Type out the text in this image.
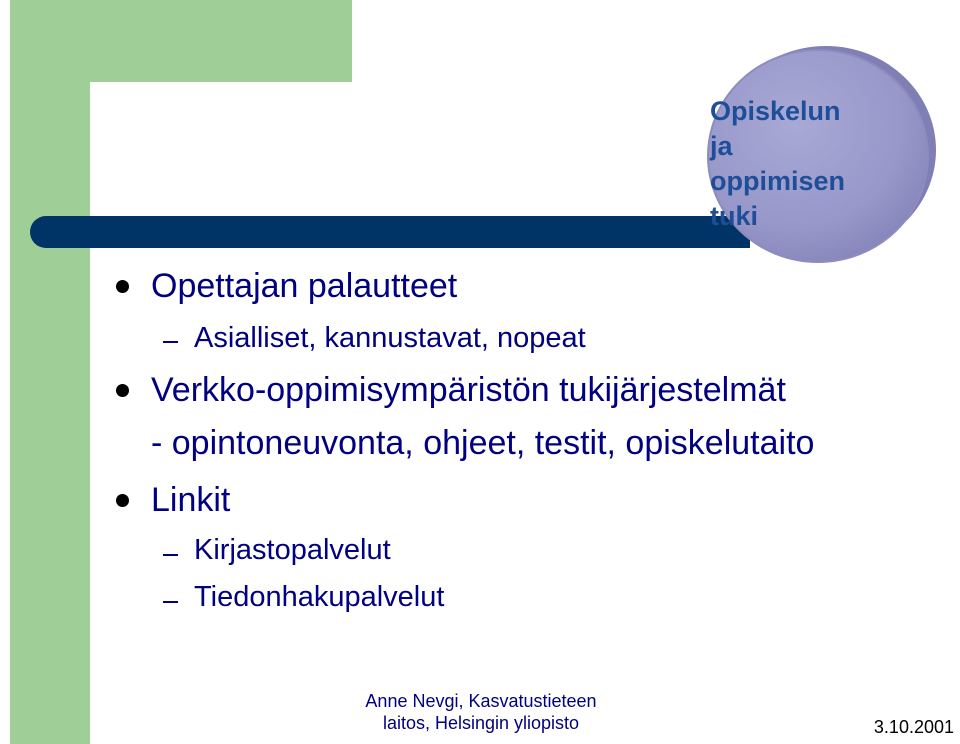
Opiskelun
ja
oppimisen
tuki

Opettajan palautteet
Asialliset, kannustavat, nopeat
Verkko-oppimisympäristön tukijärjestelmät
- opintoneuvonta, ohjeet, testit, opiskelutaito
Linkit
Kirjastopalvelut
Tiedonhakupalvelut
Anne Nevgi, Kasvatustieteen
laitos, Helsingin yliopisto	3.10.2001
